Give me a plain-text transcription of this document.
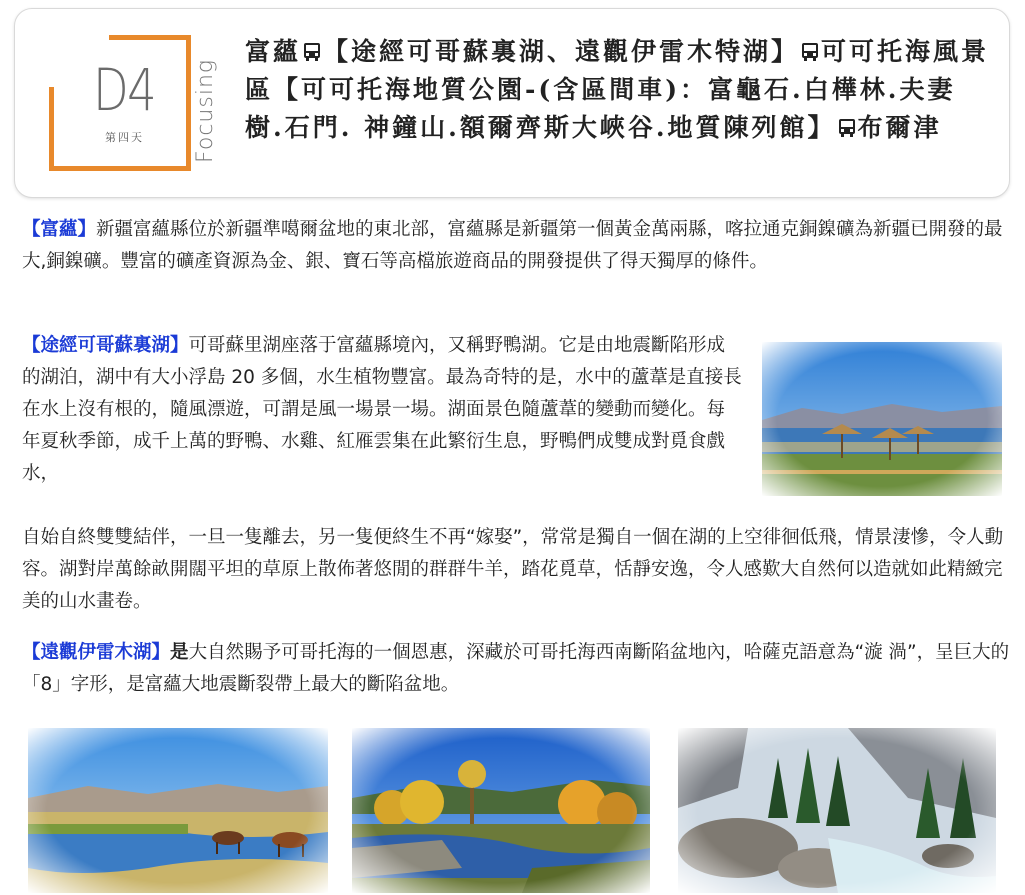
D4
第四天 Focusing
富蘊 【途經可哥蘇裏湖、遠觀伊雷木特湖】 可可托海風景區【可可托海地質公園-(含區間車)：富龜石.白樺林.夫妻樹.石門. 神鐘山.額爾齊斯大峽谷.地質陳列館】 布爾津
【富蘊】新疆富蘊縣位於新疆準噶爾盆地的東北部，富蘊縣是新疆第一個黃金萬兩縣，喀拉通克銅鎳礦為新疆已開發的最大,銅鎳礦。豐富的礦產資源為金、銀、寶石等高檔旅遊商品的開發提供了得天獨厚的條件。
【途經可哥蘇裏湖】可哥蘇里湖座落于富蘊縣境內，又稱野鴨湖。它是由地震斷陷形成的湖泊，湖中有大小浮島 20 多個，水生植物豐富。最為奇特的是，水中的蘆葦是直接長在水上沒有根的，隨風漂遊，可謂是風一場景一場。湖面景色隨蘆葦的變動而變化。每年夏秋季節，成千上萬的野鴨、水雞、紅雁雲集在此繁衍生息，野鴨們成雙成對覓食戲水，
自始自終雙雙結伴，一旦一隻離去，另一隻便終生不再“嫁娶”，常常是獨自一個在湖的上空徘徊低飛，情景淒慘，令人動容。湖對岸萬餘畝開闊平坦的草原上散佈著悠閒的群群牛羊，踏花覓草，恬靜安逸，令人感歎大自然何以造就如此精緻完美的山水畫卷。
【遠觀伊雷木湖】是大自然賜予可哥托海的一個恩惠，深藏於可哥托海西南斷陷盆地內，哈薩克語意為“漩 渦”，呈巨大的「8」字形，是富蘊大地震斷裂帶上最大的斷陷盆地。
